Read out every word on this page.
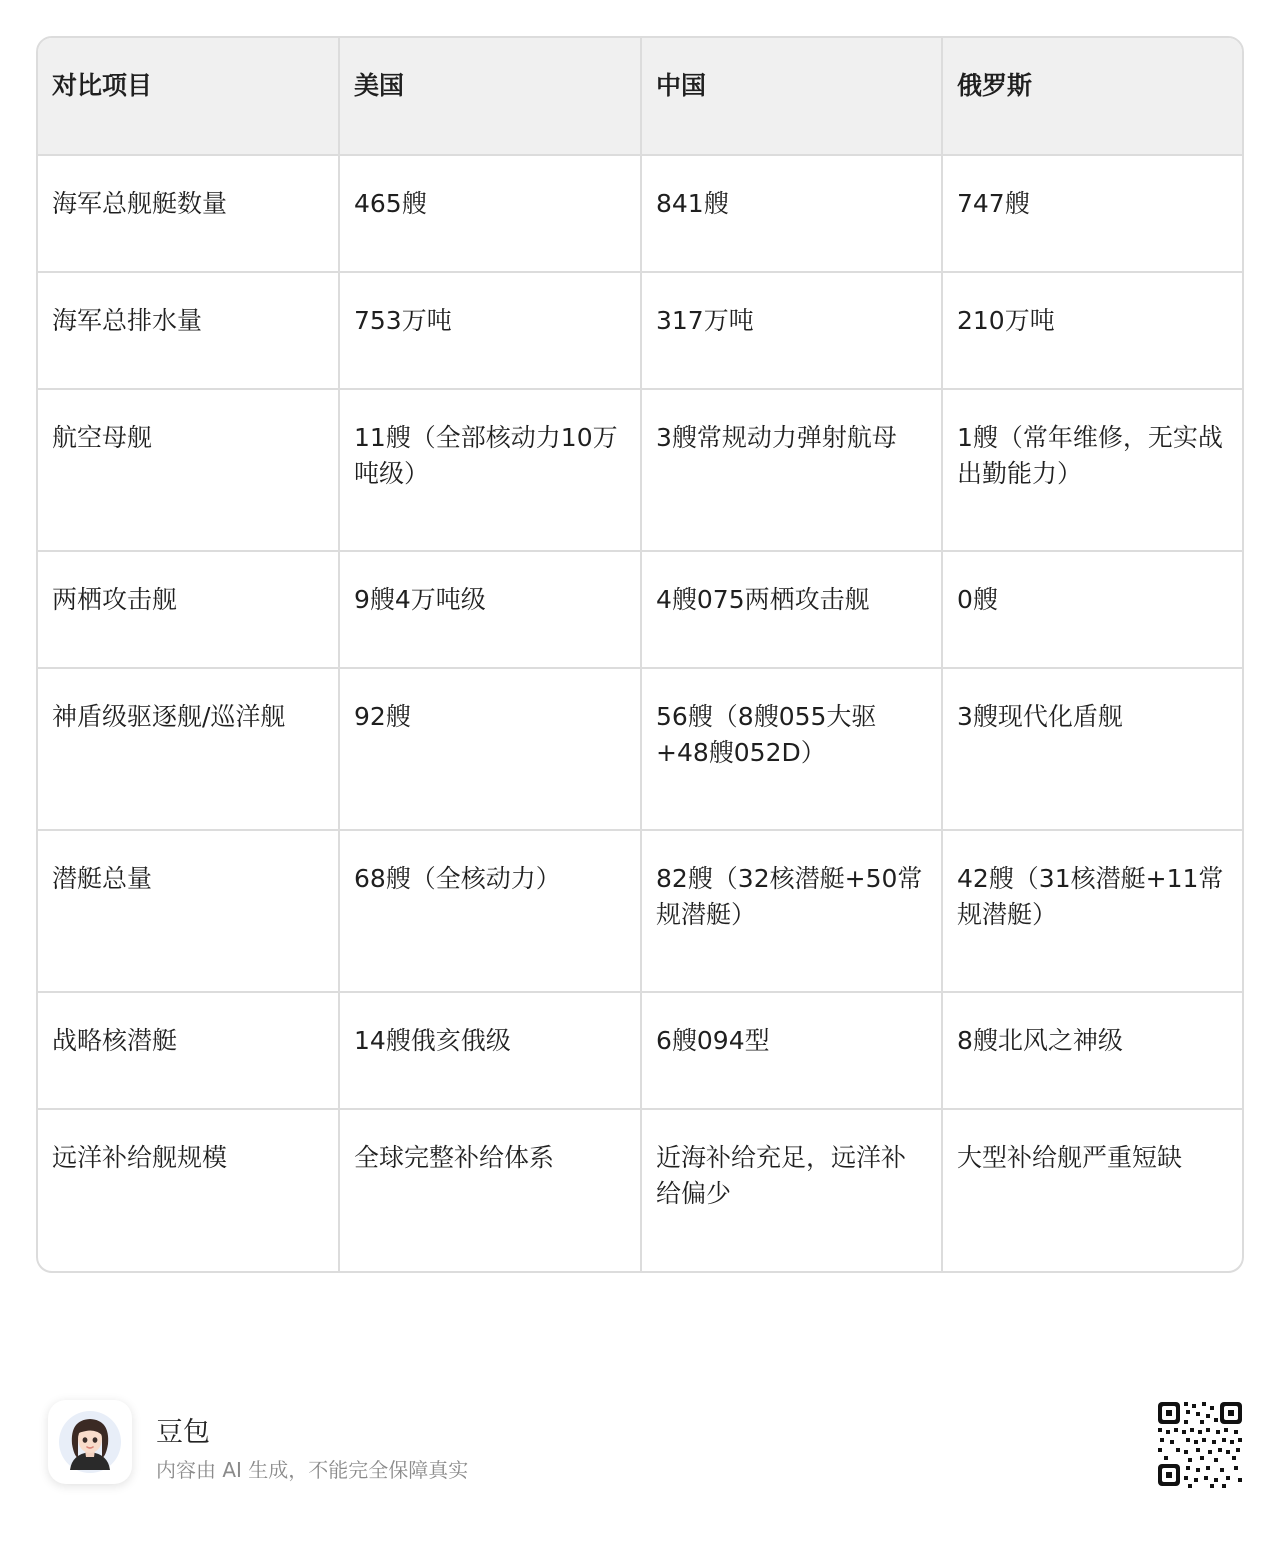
对比项目	美国	中国	俄罗斯
海军总舰艇数量	465艘	841艘	747艘
海军总排水量	753万吨	317万吨	210万吨
航空母舰	11艘（全部核动力10万吨级）	3艘常规动力弹射航母	1艘（常年维修，无实战出勤能力）
两栖攻击舰	9艘4万吨级	4艘075两栖攻击舰	0艘
神盾级驱逐舰/巡洋舰	92艘	56艘（8艘055大驱+48艘052D）	3艘现代化盾舰
潜艇总量	68艘（全核动力）	82艘（32核潜艇+50常规潜艇）	42艘（31核潜艇+11常规潜艇）
战略核潜艇	14艘俄亥俄级	6艘094型	8艘北风之神级
远洋补给舰规模	全球完整补给体系	近海补给充足，远洋补给偏少	大型补给舰严重短缺
豆包
内容由 AI 生成，不能完全保障真实
